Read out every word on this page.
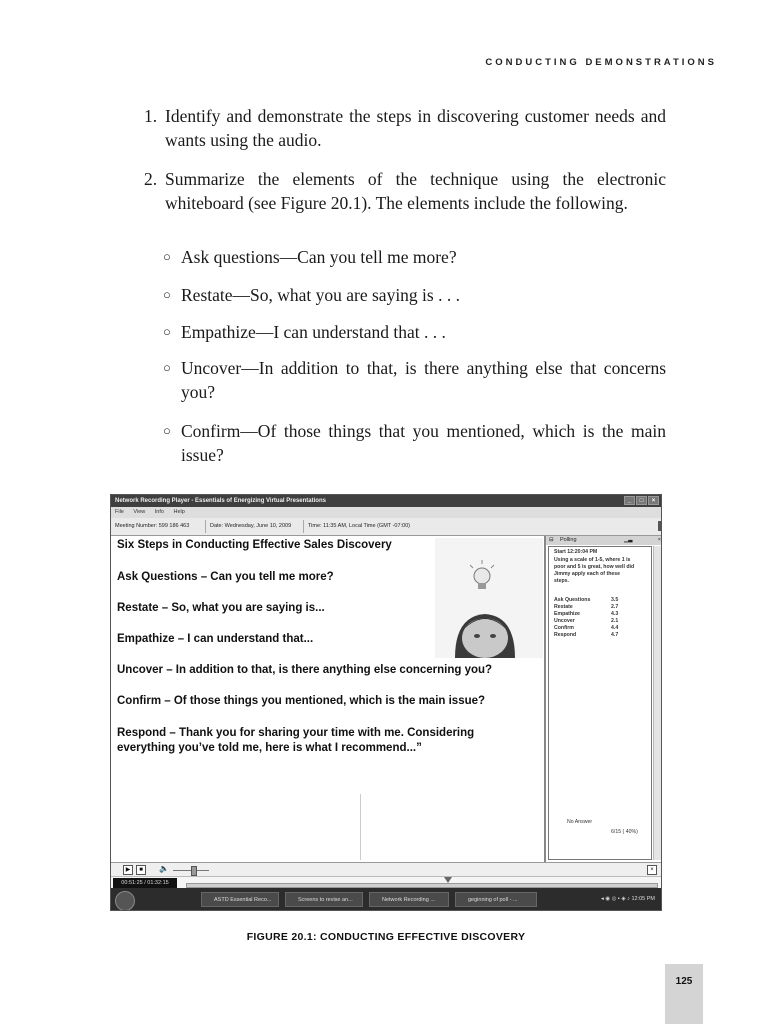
CONDUCTING DEMONSTRATIONS
1. Identify and demonstrate the steps in discovering customer needs and wants using the audio.
2. Summarize the elements of the technique using the electronic whiteboard (see Figure 20.1). The elements include the following.
○ Ask questions—Can you tell me more?
○ Restate—So, what you are saying is . . .
○ Empathize—I can understand that . . .
○ Uncover—In addition to that, is there anything else that concerns you?
○ Confirm—Of those things that you mentioned, which is the main issue?
Network Recording Player - Essentials of Energizing Virtual Presentations	_	□	×
File View Info Help
Meeting Number: 599 186 463	Date: Wednesday, June 10, 2009	Time: 11:35 AM, Local Time (GMT -07:00)
Six Steps in Conducting Effective Sales Discovery
Ask Questions – Can you tell me more?
Restate – So, what you are saying is...
Empathize – I can understand that...
Uncover – In addition to that, is there anything else concerning you?
Confirm – Of those things you mentioned, which is the main issue?
Respond – Thank you for sharing your time with me. Considering
everything you’ve told me, here is what I recommend...”
⊟ Polling	▁▃	×
Start 12:20:04 PM
Using a scale of 1-5, where 1 is
poor and 5 is great, how well did
Jimmy apply each of these
steps.
Ask Questions	3.5
Restate	2.7
Empathize	4.3
Uncover	2.1
Confirm	4.4
Respond	4.7
No Answer
6/15 ( 40%)
▶	■	🔈	×
00:51:25 / 01:32:15
ASTD Essential Reco...	Screens to revise an...	Network Recording ...	geginning of poll - ...	◂ ◉ ◎ ▪ ◈ ♪ 12:05 PM
FIGURE 20.1: CONDUCTING EFFECTIVE DISCOVERY
125
